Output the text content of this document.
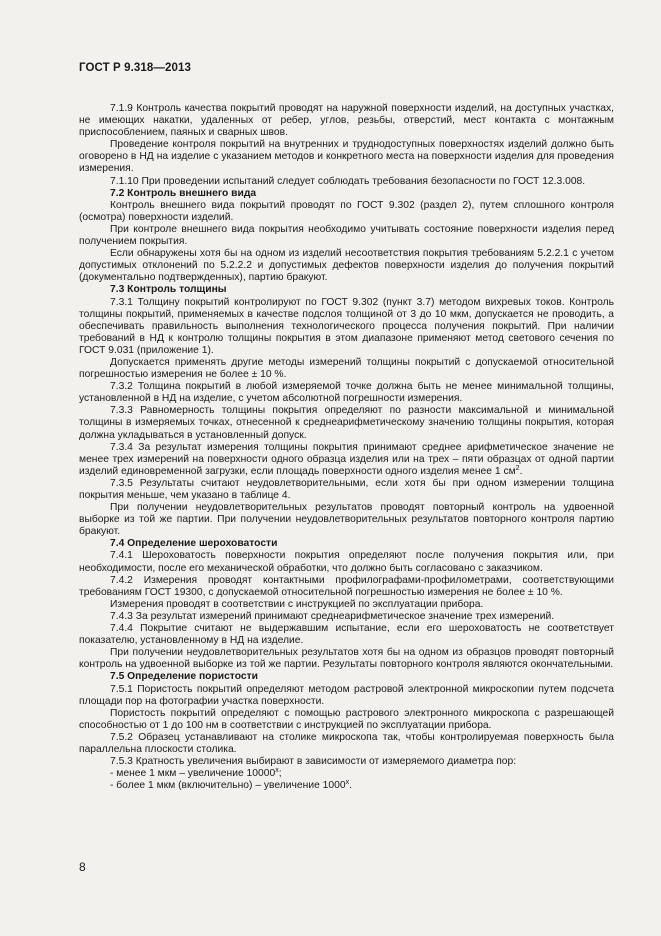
ГОСТ Р 9.318—2013
7.1.9 Контроль качества покрытий проводят на наружной поверхности изделий, на доступных участках, не имеющих накатки, удаленных от ребер, углов, резьбы, отверстий, мест контакта с монтажным приспособлением, паяных и сварных швов.
Проведение контроля покрытий на внутренних и труднодоступных поверхностях изделий должно быть оговорено в НД на изделие с указанием методов и конкретного места на поверхности изделия для проведения измерения.
7.1.10 При проведении испытаний следует соблюдать требования безопасности по ГОСТ 12.3.008.
7.2 Контроль внешнего вида
Контроль внешнего вида покрытий проводят по ГОСТ 9.302 (раздел 2), путем сплошного контроля (осмотра) поверхности изделий.
При контроле внешнего вида покрытия необходимо учитывать состояние поверхности изделия перед получением покрытия.
Если обнаружены хотя бы на одном из изделий несоответствия покрытия требованиям 5.2.2.1 с учетом допустимых отклонений по 5.2.2.2 и допустимых дефектов поверхности изделия до получения покрытий (документально подтвержденных), партию бракуют.
7.3 Контроль толщины
7.3.1 Толщину покрытий контролируют по ГОСТ 9.302 (пункт 3.7) методом вихревых токов. Контроль толщины покрытий, применяемых в качестве подслоя толщиной от 3 до 10 мкм, допускается не проводить, а обеспечивать правильность выполнения технологического процесса получения покрытий. При наличии требований в НД к контролю толщины покрытия в этом диапазоне применяют метод светового сечения по ГОСТ 9.031 (приложение 1).
Допускается применять другие методы измерений толщины покрытий с допускаемой относительной погрешностью измерения не более ± 10 %.
7.3.2 Толщина покрытий в любой измеряемой точке должна быть не менее минимальной толщины, установленной в НД на изделие, с учетом абсолютной погрешности измерения.
7.3.3 Равномерность толщины покрытия определяют по разности максимальной и минимальной толщины в измеряемых точках, отнесенной к среднеарифметическому значению толщины покрытия, которая должна укладываться в установленный допуск.
7.3.4 За результат измерения толщины покрытия принимают среднее арифметическое значение не менее трех измерений на поверхности одного образца изделия или на трех – пяти образцах от одной партии изделий единовременной загрузки, если площадь поверхности одного изделия менее 1 $см^2$.
7.3.5 Результаты считают неудовлетворительными, если хотя бы при одном измерении толщина покрытия меньше, чем указано в таблице 4.
При получении неудовлетворительных результатов проводят повторный контроль на удвоенной выборке из той же партии. При получении неудовлетворительных результатов повторного контроля партию бракуют.
7.4 Определение шероховатости
7.4.1 Шероховатость поверхности покрытия определяют после получения покрытия или, при необходимости, после его механической обработки, что должно быть согласовано с заказчиком.
7.4.2 Измерения проводят контактными профилографами-профилометрами, соответствующими требованиям ГОСТ 19300, с допускаемой относительной погрешностью измерения не более ± 10 %.
Измерения проводят в соответствии с инструкцией по эксплуатации прибора.
7.4.3 За результат измерений принимают среднеарифметическое значение трех измерений.
7.4.4 Покрытие считают не выдержавшим испытание, если его шероховатость не соответствует показателю, установленному в НД на изделие.
При получении неудовлетворительных результатов хотя бы на одном из образцов проводят повторный контроль на удвоенной выборке из той же партии. Результаты повторного контроля являются окончательными.
7.5 Определение пористости
7.5.1 Пористость покрытий определяют методом растровой электронной микроскопии путем подсчета площади пор на фотографии участка поверхности.
Пористость покрытий определяют с помощью растрового электронного микроскопа с разрешающей способностью от 1 до 100 нм в соответствии с инструкцией по эксплуатации прибора.
7.5.2 Образец устанавливают на столике микроскопа так, чтобы контролируемая поверхность была параллельна плоскости столика.
7.5.3 Кратность увеличения выбирают в зависимости от измеряемого диаметра пор:
- менее 1 мкм – увеличение $10000^х$;
- более 1 мкм (включительно) – увеличение $1000^х$.
8
